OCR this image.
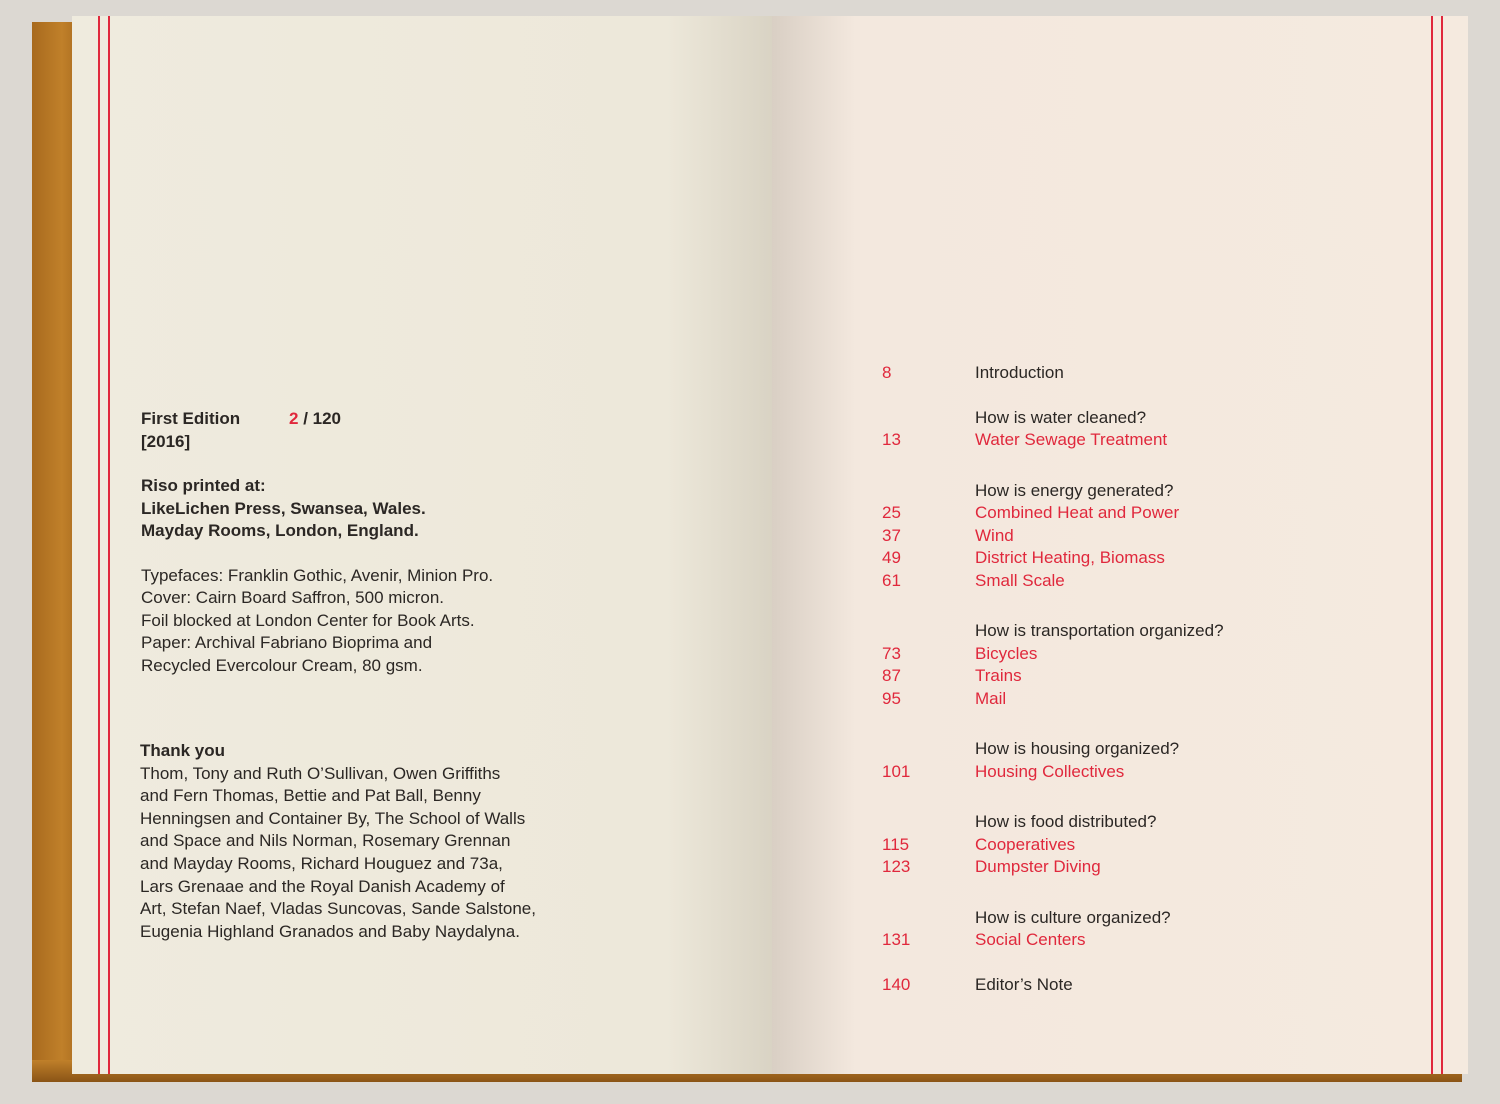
First Edition	2 / 120
[2016]
Riso printed at:
LikeLichen Press, Swansea, Wales.
Mayday Rooms, London, England.
Typefaces: Franklin Gothic, Avenir, Minion Pro.
Cover: Cairn Board Saffron, 500 micron.
Foil blocked at London Center for Book Arts.
Paper: Archival Fabriano Bioprima and
Recycled Evercolour Cream, 80 gsm.
Thank you
Thom, Tony and Ruth O’Sullivan, Owen Griffiths
and Fern Thomas, Bettie and Pat Ball, Benny
Henningsen and Container By, The School of Walls
and Space and Nils Norman, Rosemary Grennan
and Mayday Rooms, Richard Houguez and 73a,
Lars Grenaae and the Royal Danish Academy of
Art, Stefan Naef, Vladas Suncovas, Sande Salstone,
Eugenia Highland Granados and Baby Naydalyna.
8	Introduction
How is water cleaned?
13	Water Sewage Treatment
How is energy generated?
25	Combined Heat and Power
37	Wind
49	District Heating, Biomass
61	Small Scale
How is transportation organized?
73	Bicycles
87	Trains
95	Mail
How is housing organized?
101	Housing Collectives
How is food distributed?
115	Cooperatives
123	Dumpster Diving
How is culture organized?
131	Social Centers
140	Editor’s Note
